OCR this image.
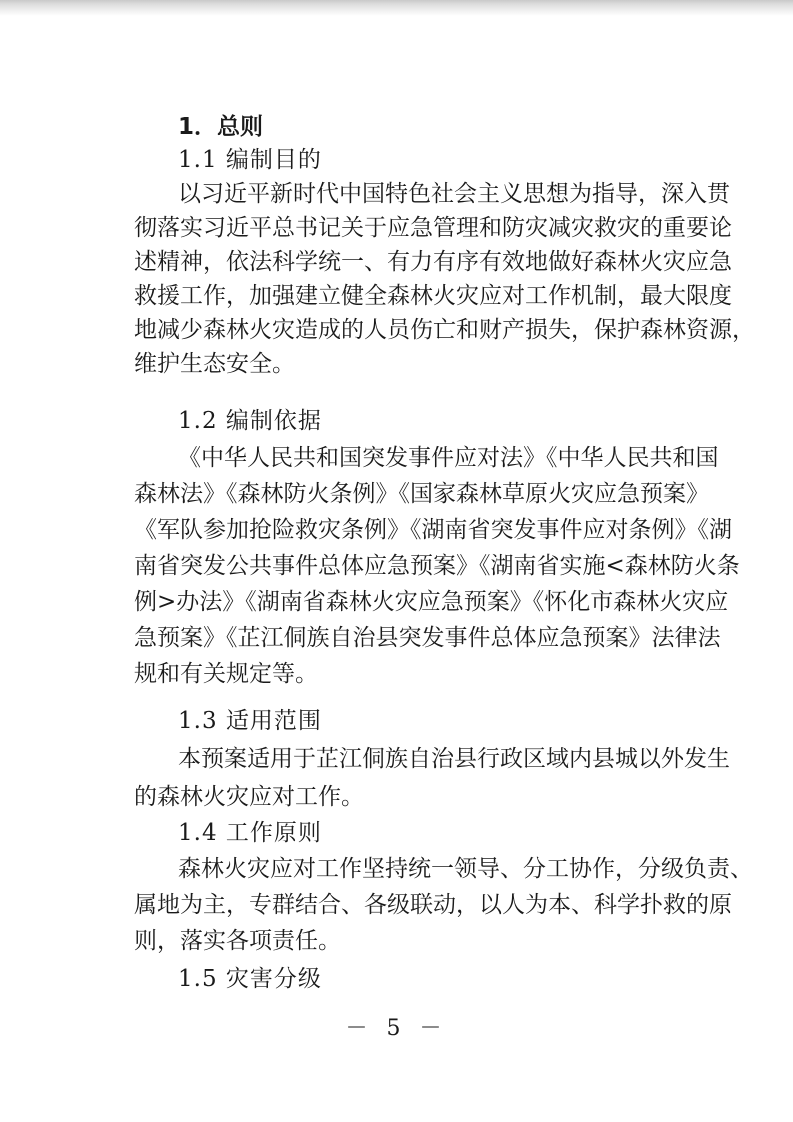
1．总则
1.1 编制目的
以习近平新时代中国特色社会主义思想为指导，深入贯
彻落实习近平总书记关于应急管理和防灾减灾救灾的重要论
述精神，依法科学统一、有力有序有效地做好森林火灾应急
救援工作，加强建立健全森林火灾应对工作机制，最大限度
地减少森林火灾造成的人员伤亡和财产损失，保护森林资源，
维护生态安全。
1.2 编制依据
《中华人民共和国突发事件应对法》《中华人民共和国
森林法》《森林防火条例》《国家森林草原火灾应急预案》
《军队参加抢险救灾条例》《湖南省突发事件应对条例》《湖
南省突发公共事件总体应急预案》《湖南省实施<森林防火条
例>办法》《湖南省森林火灾应急预案》《怀化市森林火灾应
急预案》《芷江侗族自治县突发事件总体应急预案》法律法
规和有关规定等。
1.3 适用范围
本预案适用于芷江侗族自治县行政区域内县城以外发生
的森林火灾应对工作。
1.4 工作原则
森林火灾应对工作坚持统一领导、分工协作，分级负责、
属地为主，专群结合、各级联动，以人为本、科学扑救的原
则，落实各项责任。
1.5 灾害分级
－ 5 －
